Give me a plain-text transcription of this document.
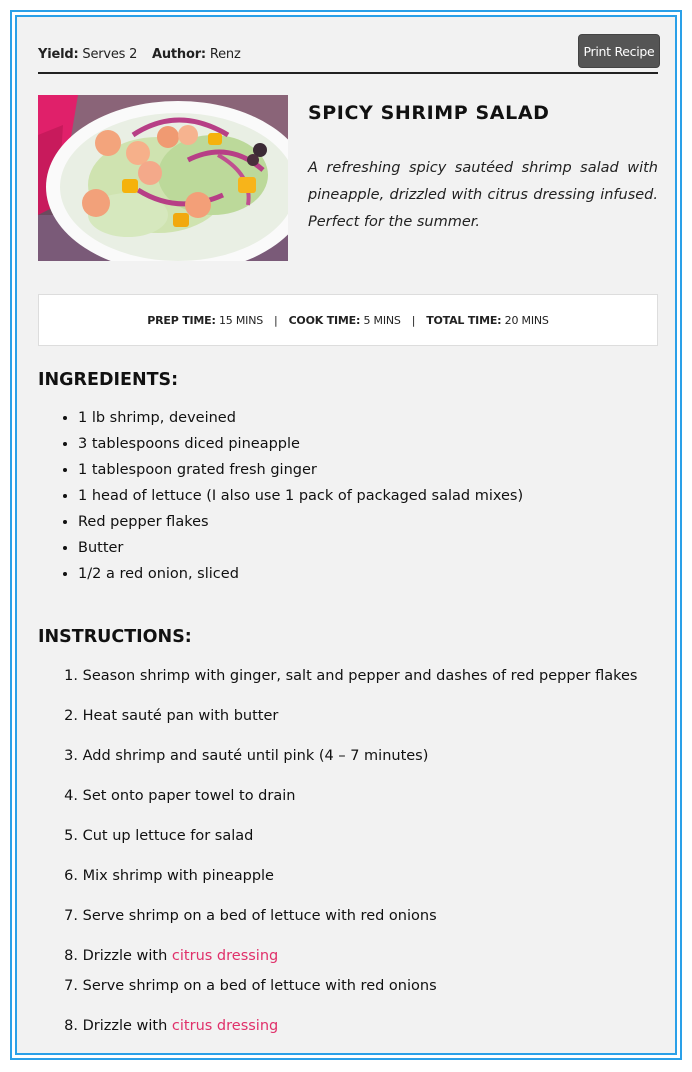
Yield: Serves 2 Author: Renz	Print Recipe
SPICY SHRIMP SALAD
A refreshing spicy sautéed shrimp salad with pineapple, drizzled with citrus dressing infused. Perfect for the summer.
PREP TIME: 15 MINS | COOK TIME: 5 MINS | TOTAL TIME: 20 MINS
INGREDIENTS:
• 1 lb shrimp, deveined
• 3 tablespoons diced pineapple
• 1 tablespoon grated fresh ginger
• 1 head of lettuce (I also use 1 pack of packaged salad mixes)
• Red pepper flakes
• Butter
• 1/2 a red onion, sliced
INSTRUCTIONS:
1. Season shrimp with ginger, salt and pepper and dashes of red pepper flakes
2. Heat sauté pan with butter
3. Add shrimp and sauté until pink (4 – 7 minutes)
4. Set onto paper towel to drain
5. Cut up lettuce for salad
6. Mix shrimp with pineapple
7. Serve shrimp on a bed of lettuce with red onions
8. Drizzle with citrus dressing
7. Serve shrimp on a bed of lettuce with red onions
8. Drizzle with citrus dressing
